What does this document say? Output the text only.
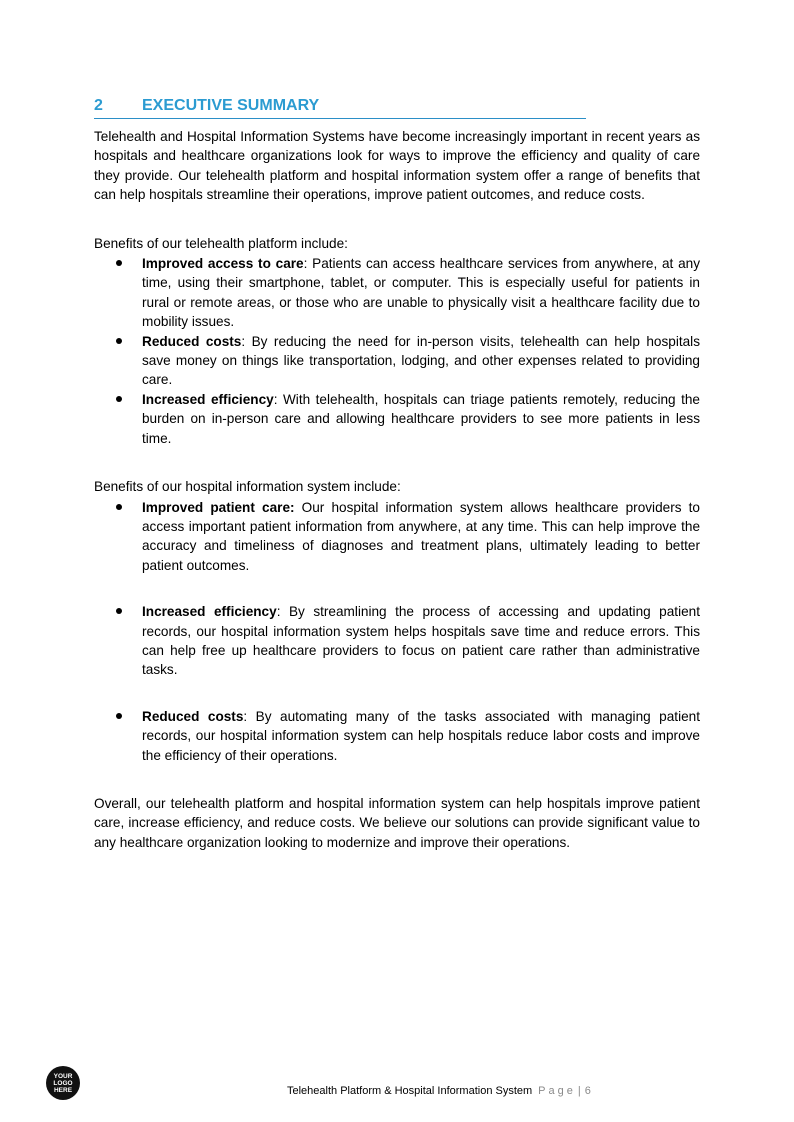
2	EXECUTIVE SUMMARY

Telehealth and Hospital Information Systems have become increasingly important in recent years as hospitals and healthcare organizations look for ways to improve the efficiency and quality of care they provide. Our telehealth platform and hospital information system offer a range of benefits that can help hospitals streamline their operations, improve patient outcomes, and reduce costs.

Benefits of our telehealth platform include:

Improved access to care: Patients can access healthcare services from anywhere, at any time, using their smartphone, tablet, or computer. This is especially useful for patients in rural or remote areas, or those who are unable to physically visit a healthcare facility due to mobility issues.
Reduced costs: By reducing the need for in-person visits, telehealth can help hospitals save money on things like transportation, lodging, and other expenses related to providing care.
Increased efficiency: With telehealth, hospitals can triage patients remotely, reducing the burden on in-person care and allowing healthcare providers to see more patients in less time.

Benefits of our hospital information system include:

Improved patient care: Our hospital information system allows healthcare providers to access important patient information from anywhere, at any time. This can help improve the accuracy and timeliness of diagnoses and treatment plans, ultimately leading to better patient outcomes.
Increased efficiency: By streamlining the process of accessing and updating patient records, our hospital information system helps hospitals save time and reduce errors. This can help free up healthcare providers to focus on patient care rather than administrative tasks.
Reduced costs: By automating many of the tasks associated with managing patient records, our hospital information system can help hospitals reduce labor costs and improve the efficiency of their operations.

Overall, our telehealth platform and hospital information system can help hospitals improve patient care, increase efficiency, and reduce costs. We believe our solutions can provide significant value to any healthcare organization looking to modernize and improve their operations.

YOUR
LOGO
HERE	Telehealth Platform & Hospital Information System Page | 6
